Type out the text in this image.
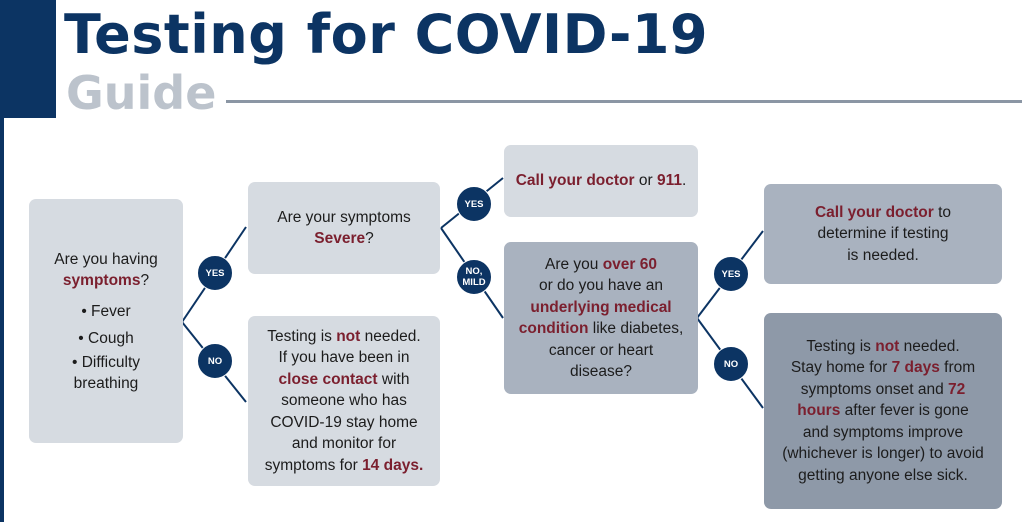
Testing for COVID-19
Guide

Are you having
symptoms?

• Fever
• Cough
• Difficulty
breathing

Are your symptoms
Severe?

Testing is not needed.
If you have been in
close contact with
someone who has
COVID-19 stay home
and monitor for
symptoms for 14 days.

Call your doctor or 911.

Are you over 60
or do you have an
underlying medical
condition like diabetes,
cancer or heart
disease?

Call your doctor to
determine if testing
is needed.

Testing is not needed.
Stay home for 7 days from
symptoms onset and 72
hours after fever is gone
and symptoms improve
(whichever is longer) to avoid
getting anyone else sick.

YES
NO
YES
NO,
MILD
YES
NO
